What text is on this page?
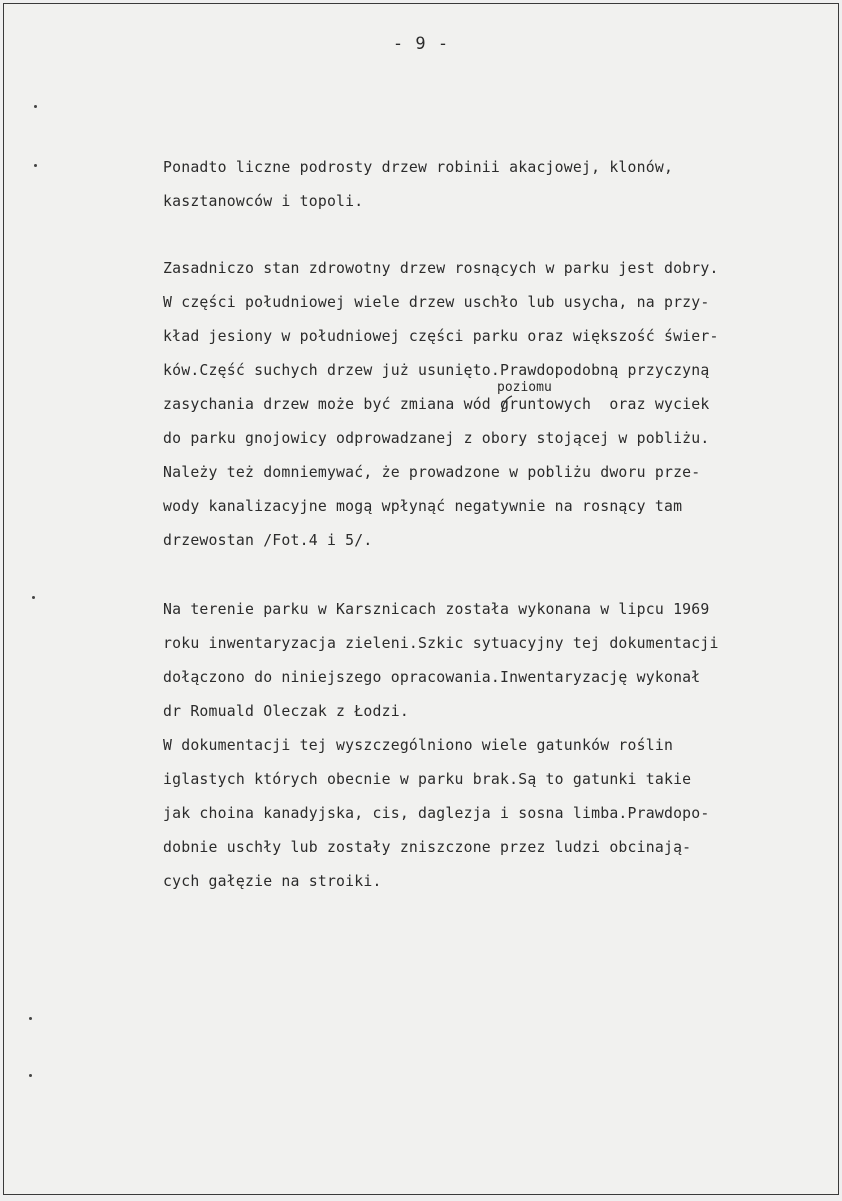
- 9 -
Ponadto liczne podrosty drzew robinii akacjowej, klonów,
kasztanowców i topoli.
Zasadniczo stan zdrowotny drzew rosnących w parku jest dobry.
W części południowej wiele drzew uschło lub usycha, na przy-
kład jesiony w południowej części parku oraz większość świer-
ków.Część suchych drzew już usunięto.Prawdopodobną przyczyną
poziomu
zasychania drzew może być zmiana wód gruntowych  oraz wyciek
do parku gnojowicy odprowadzanej z obory stojącej w pobliżu.
Należy też domniemywać, że prowadzone w pobliżu dworu prze-
wody kanalizacyjne mogą wpłynąć negatywnie na rosnący tam
drzewostan /Fot.4 i 5/.
Na terenie parku w Karsznicach została wykonana w lipcu 1969
roku inwentaryzacja zieleni.Szkic sytuacyjny tej dokumentacji
dołączono do niniejszego opracowania.Inwentaryzację wykonał
dr Romuald Oleczak z Łodzi.
W dokumentacji tej wyszczególniono wiele gatunków roślin
iglastych których obecnie w parku brak.Są to gatunki takie
jak choina kanadyjska, cis, daglezja i sosna limba.Prawdopo-
dobnie uschły lub zostały zniszczone przez ludzi obcinają-
cych gałęzie na stroiki.
